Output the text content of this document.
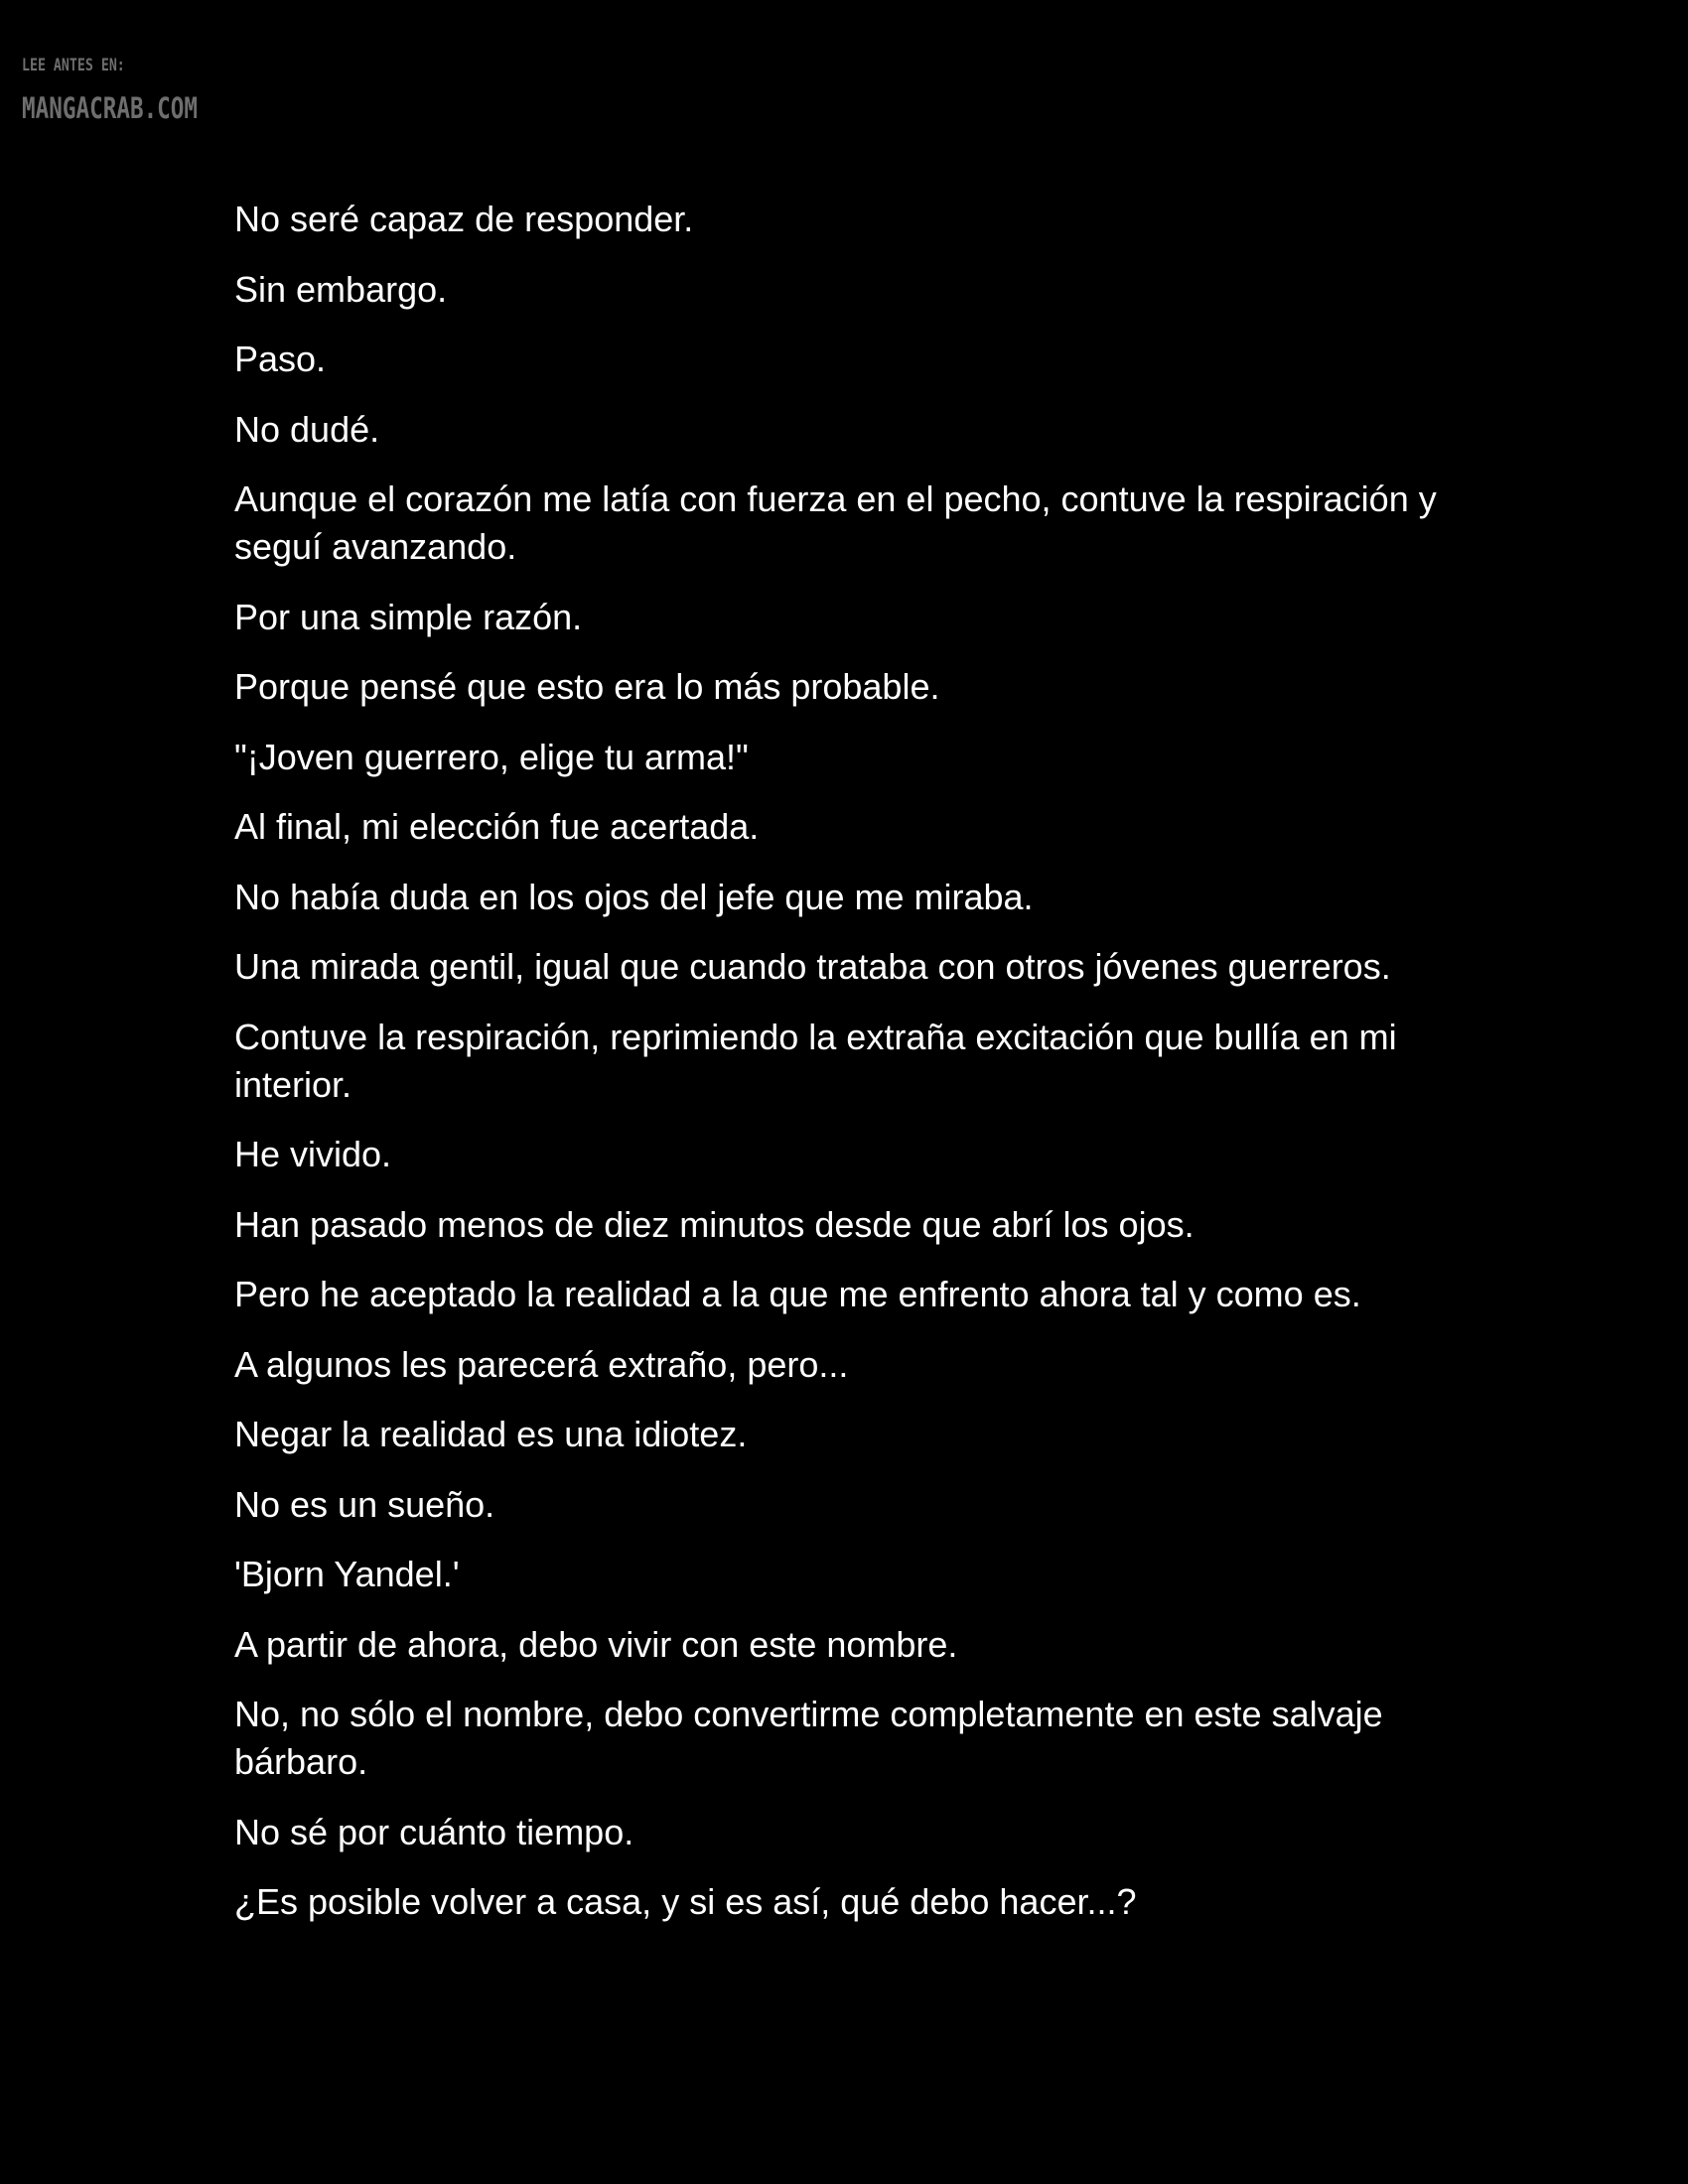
LEE ANTES EN:
MANGACRAB.COM

No seré capaz de responder.

Sin embargo.

Paso.

No dudé.

Aunque el corazón me latía con fuerza en el pecho, contuve la respiración y seguí avanzando.

Por una simple razón.

Porque pensé que esto era lo más probable.

"¡Joven guerrero, elige tu arma!"

Al final, mi elección fue acertada.

No había duda en los ojos del jefe que me miraba.

Una mirada gentil, igual que cuando trataba con otros jóvenes guerreros.

Contuve la respiración, reprimiendo la extraña excitación que bullía en mi interior.

He vivido.

Han pasado menos de diez minutos desde que abrí los ojos.

Pero he aceptado la realidad a la que me enfrento ahora tal y como es.

A algunos les parecerá extraño, pero...

Negar la realidad es una idiotez.

No es un sueño.

'Bjorn Yandel.'

A partir de ahora, debo vivir con este nombre.

No, no sólo el nombre, debo convertirme completamente en este salvaje bárbaro.

No sé por cuánto tiempo.

¿Es posible volver a casa, y si es así, qué debo hacer...?
